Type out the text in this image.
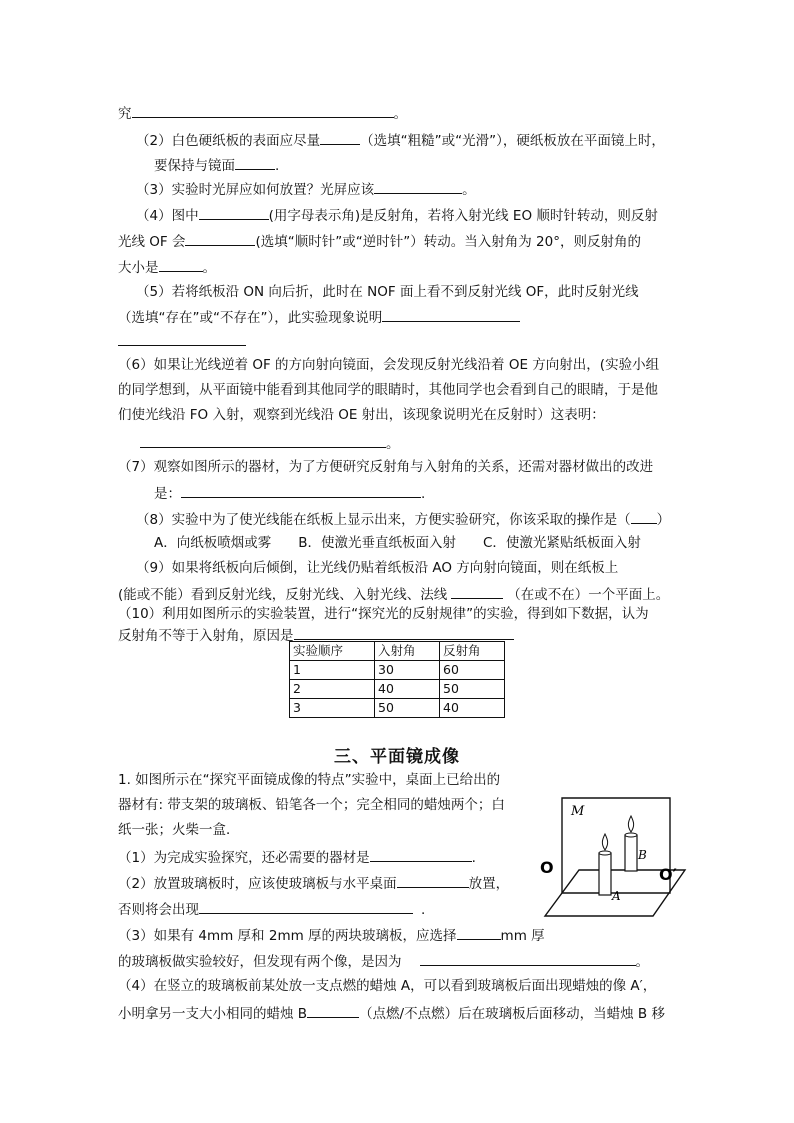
究	。
（2）白色硬纸板的表面应尽量	（选填“粗糙”或“光滑”），硬纸板放在平面镜上时，
要保持与镜面	.
（3）实验时光屏应如何放置？光屏应该	。
（4）图中	(用字母表示角)是反射角，若将入射光线 EO 顺时针转动，则反射
光线 OF 会	(选填“顺时针”或“逆时针”）转动。当入射角为 20°，则反射角的
大小是	。
（5）若将纸板沿 ON 向后折，此时在 NOF 面上看不到反射光线 OF，此时反射光线
（选填“存在”或“不存在”），此实验现象说明
（6）如果让光线逆着 OF 的方向射向镜面，会发现反射光线沿着 OE 方向射出，(实验小组
的同学想到，从平面镜中能看到其他同学的眼睛时，其他同学也会看到自己的眼睛，于是他
们使光线沿 FO 入射，观察到光线沿 OE 射出，该现象说明光在反射时）这表明：
。
（7）观察如图所示的器材，为了方便研究反射角与入射角的关系，还需对器材做出的改进
是：	.
（8）实验中为了使光线能在纸板上显示出来，方便实验研究，你该采取的操作是（ ）
A．向纸板喷烟或雾　　B．使激光垂直纸板面入射　　C．使激光紧贴纸板面入射
（9）如果将纸板向后倾倒，让光线仍贴着纸板沿 AO 方向射向镜面，则在纸板上
(能或不能）看到反射光线，反射光线、入射光线、法线	（在或不在）一个平面上。
（10）利用如图所示的实验装置，进行“探究光的反射规律”的实验，得到如下数据，认为
反射角不等于入射角，原因是
实验顺序	入射角	反射角
1	30	60
2	40	50
3	50	40
三、平面镜成像
1. 如图所示在“探究平面镜成像的特点”实验中，桌面上已给出的
器材有: 带支架的玻璃板、铅笔各一个；完全相同的蜡烛两个；白
纸一张；火柴一盒．
（1）为完成实验探究，还必需要的器材是	.
（2）放置玻璃板时，应该使玻璃板与水平桌面	放置，
否则将会出现	.
（3）如果有 4mm 厚和 2mm 厚的两块玻璃板，应选择	mm 厚
的玻璃板做实验较好，但发现有两个像，是因为	。
（4）在竖立的玻璃板前某处放一支点燃的蜡烛 A，可以看到玻璃板后面出现蜡烛的像 A′，
小明拿另一支大小相同的蜡烛 B	（点燃/不点燃）后在玻璃板后面移动，当蜡烛 B 移
M
O	O′
A
B
